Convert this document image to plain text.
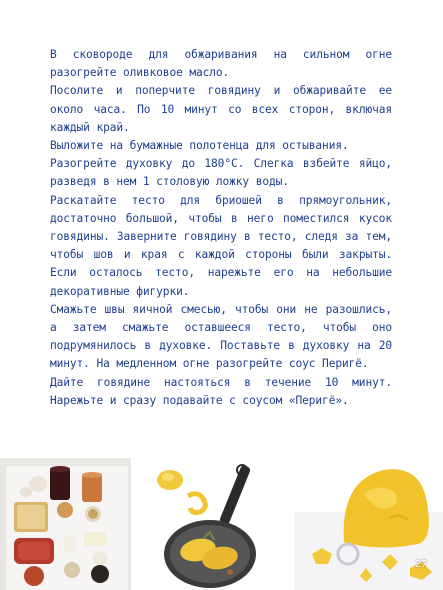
В сковороде для обжаривания на сильном огне разогрейте оливковое масло.

Посолите и поперчите говядину и обжаривайте ее около часа. По 10 минут со всех сторон, включая каждый край.

Выложите на бумажные полотенца для остывания.

Разогрейте духовку до 180°С. Слегка взбейте яйцо, разведя в нем 1 столовую ложку воды.

Раскатайте тесто для бриошей в прямоугольник, достаточно большой, чтобы в него поместился кусок говядины. Заверните говядину в тесто, следя за тем, чтобы шов и края с каждой стороны были закрыты. Если осталось тесто, нарежьте его на небольшие декоративные фигурки.

Смажьте швы яичной смесью, чтобы они не разошлись, а затем смажьте оставшееся тесто, чтобы оно подрумянилось в духовке. Поставьте в духовку на 20 минут. На медленном огне разогрейте соус Перигё.

Дайте говядине настояться в течение 10 минут. Нарежьте и сразу подавайте с соусом «Перигё».

27
